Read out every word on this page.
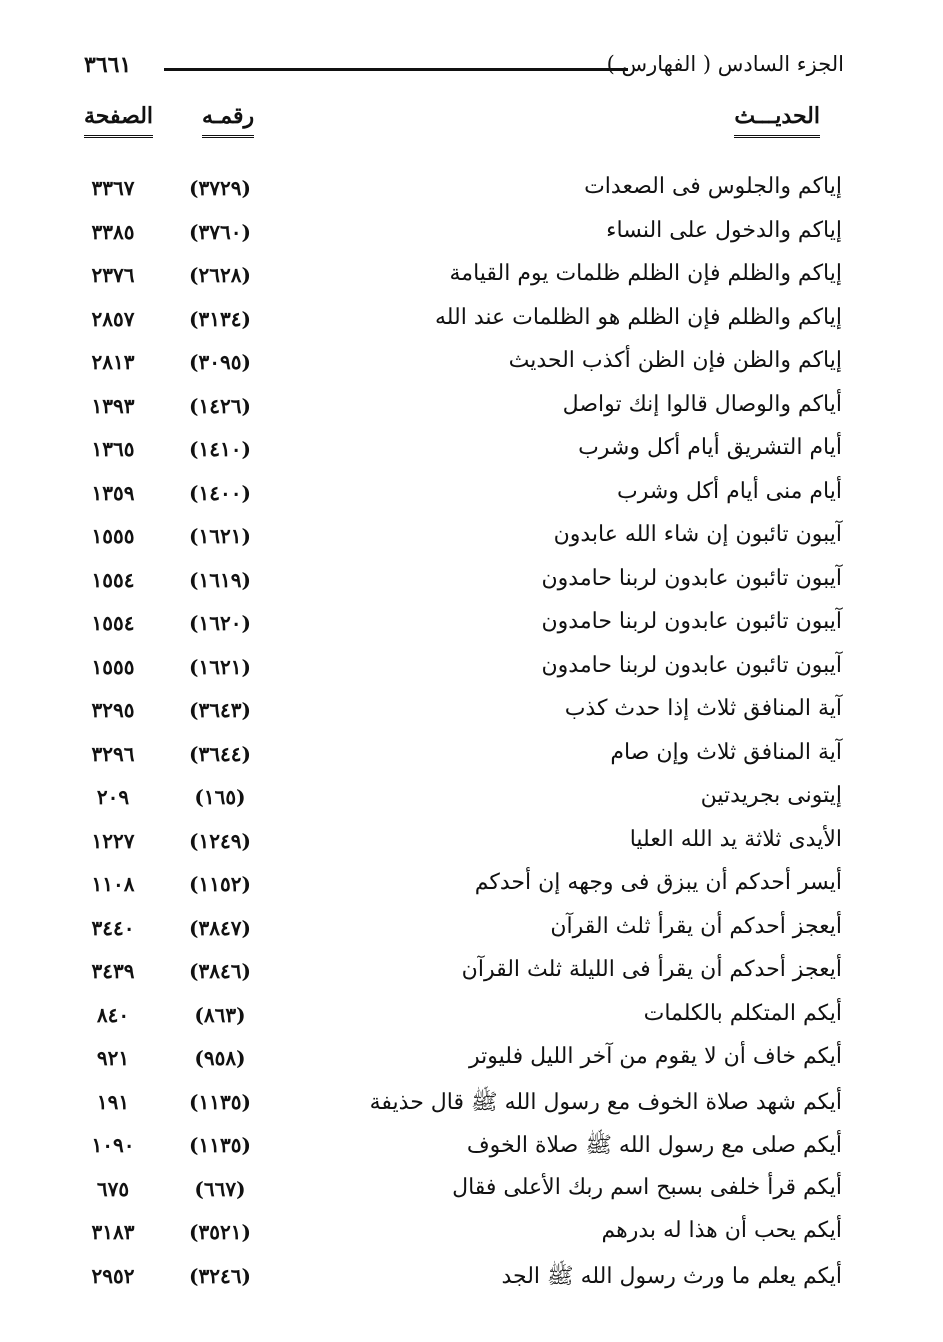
٣٦٦١	الجزء السادس ( الفهارس )
الحديـــث
رقمـه
الصفحة
إياكم والجلوس فى الصعدات
(٣٧٢٩)
٣٣٦٧
إياكم والدخول على النساء
(٣٧٦٠)
٣٣٨٥
إياكم والظلم فإن الظلم ظلمات يوم القيامة
(٢٦٢٨)
٢٣٧٦
إياكم والظلم فإن الظلم هو الظلمات عند الله
(٣١٣٤)
٢٨٥٧
إياكم والظن فإن الظن أكذب الحديث
(٣٠٩٥)
٢٨١٣
أياكم والوصال قالوا إنك تواصل
(١٤٢٦)
١٣٩٣
أيام التشريق أيام أكل وشرب
(١٤١٠)
١٣٦٥
أيام منى أيام أكل وشرب
(١٤٠٠)
١٣٥٩
آيبون تائبون إن شاء الله عابدون
(١٦٢١)
١٥٥٥
آيبون تائبون عابدون لربنا حامدون
(١٦١٩)
١٥٥٤
آيبون تائبون عابدون لربنا حامدون
(١٦٢٠)
١٥٥٤
آيبون تائبون عابدون لربنا حامدون
(١٦٢١)
١٥٥٥
آية المنافق ثلاث إذا حدث كذب
(٣٦٤٣)
٣٢٩٥
آية المنافق ثلاث وإن صام
(٣٦٤٤)
٣٢٩٦
إيتونى بجريدتين
(١٦٥)
٢٠٩
الأيدى ثلاثة يد الله العليا
(١٢٤٩)
١٢٢٧
أيسر أحدكم أن يبزق فى وجهه إن أحدكم
(١١٥٢)
١١٠٨
أيعجز أحدكم أن يقرأ ثلث القرآن
(٣٨٤٧)
٣٤٤٠
أيعجز أحدكم أن يقرأ فى الليلة ثلث القرآن
(٣٨٤٦)
٣٤٣٩
أيكم المتكلم بالكلمات
(٨٦٣)
٨٤٠
أيكم خاف أن لا يقوم من آخر الليل فليوتر
(٩٥٨)
٩٢١
أيكم شهد صلاة الخوف مع رسول الله ﷺ قال حذيفة
(١١٣٥)
١٩١
أيكم صلى مع رسول الله ﷺ صلاة الخوف
(١١٣٥)
١٠٩٠
أيكم قرأ خلفى بسبح اسم ربك الأعلى فقال
(٦٦٧)
٦٧٥
أيكم يحب أن هذا له بدرهم
(٣٥٢١)
٣١٨٣
أيكم يعلم ما ورث رسول الله ﷺ الجد
(٣٢٤٦)
٢٩٥٢
